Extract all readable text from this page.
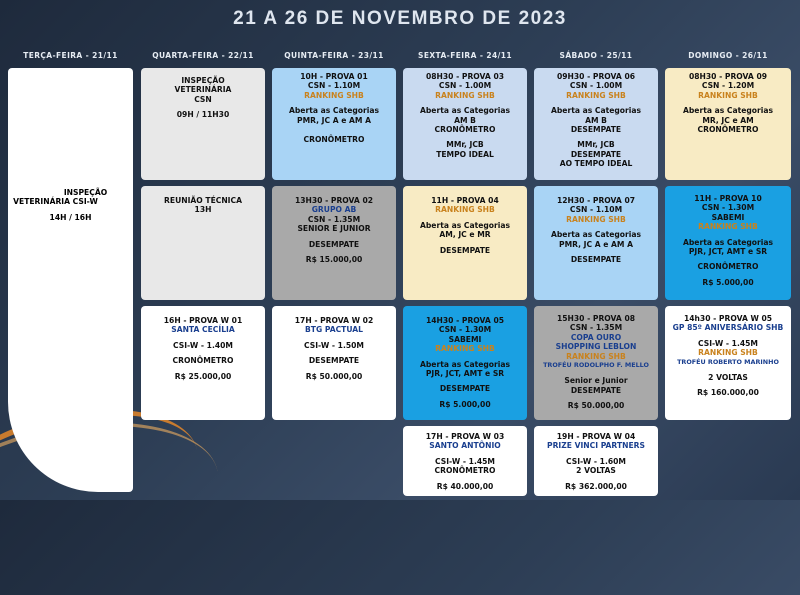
21 A 26 DE NOVEMBRO DE 2023
TERÇA-FEIRA - 21/11	QUARTA-FEIRA - 22/11	QUINTA-FEIRA - 23/11	SEXTA-FEIRA - 24/11	SÁBADO - 25/11	DOMINGO - 26/11
INSPEÇÃO VETERINÁRIA CSI-W
14H / 16H
INSPEÇÃO
VETERINÁRIA
CSN
09H / 11H30
REUNIÃO TÉCNICA
13H
16H - PROVA W 01
SANTA CECÍLIA
CSI-W - 1.40M
CRONÔMETRO
R$ 25.000,00
10H - PROVA 01
CSN - 1.10M
RANKING SHB
Aberta as Categorias
PMR, JC A e AM A
CRONÔMETRO
13H30 - PROVA 02
GRUPO AB
CSN - 1.35M
SENIOR E JUNIOR
DESEMPATE
R$ 15.000,00
17H - PROVA W 02
BTG PACTUAL
CSI-W - 1.50M
DESEMPATE
R$ 50.000,00
08H30 - PROVA 03
CSN - 1.00M
RANKING SHB
Aberta as Categorias
AM B
CRONÔMETRO
MMr, JCB
TEMPO IDEAL
11H - PROVA 04
RANKING SHB
Aberta as Categorias
AM, JC e MR
DESEMPATE
14H30 - PROVA 05
CSN - 1.30M
SABEMI
RANKING SHB
Aberta as Categorias
PJR, JCT, AMT e SR
DESEMPATE
R$ 5.000,00
17H - PROVA W 03
SANTO ANTÔNIO
CSI-W - 1.45M
CRONÔMETRO
R$ 40.000,00
09H30 - PROVA 06
CSN - 1.00M
RANKING SHB
Aberta as Categorias
AM B
DESEMPATE
MMr, JCB
DESEMPATE
AO TEMPO IDEAL
12H30 - PROVA 07
CSN - 1.10M
RANKING SHB
Aberta as Categorias
PMR, JC A e AM A
DESEMPATE
15H30 - PROVA 08
CSN - 1.35M
COPA OURO
SHOPPING LEBLON
RANKING SHB
TROFÉU RODOLPHO F. MELLO
Senior e Junior
DESEMPATE
R$ 50.000,00
19H - PROVA W 04
PRIZE VINCI PARTNERS
CSI-W - 1.60M
2 VOLTAS
R$ 362.000,00
08H30 - PROVA 09
CSN - 1.20M
RANKING SHB
Aberta as Categorias
MR, JC e AM
CRONÔMETRO
11H - PROVA 10
CSN - 1.30M
SABEMI
RANKING SHB
Aberta as Categorias
PJR, JCT, AMT e SR
CRONÔMETRO
R$ 5.000,00
14h30 - PROVA W 05
GP 85º ANIVERSÁRIO SHB
CSI-W - 1.45M
RANKING SHB
TROFÉU ROBERTO MARINHO
2 VOLTAS
R$ 160.000,00
